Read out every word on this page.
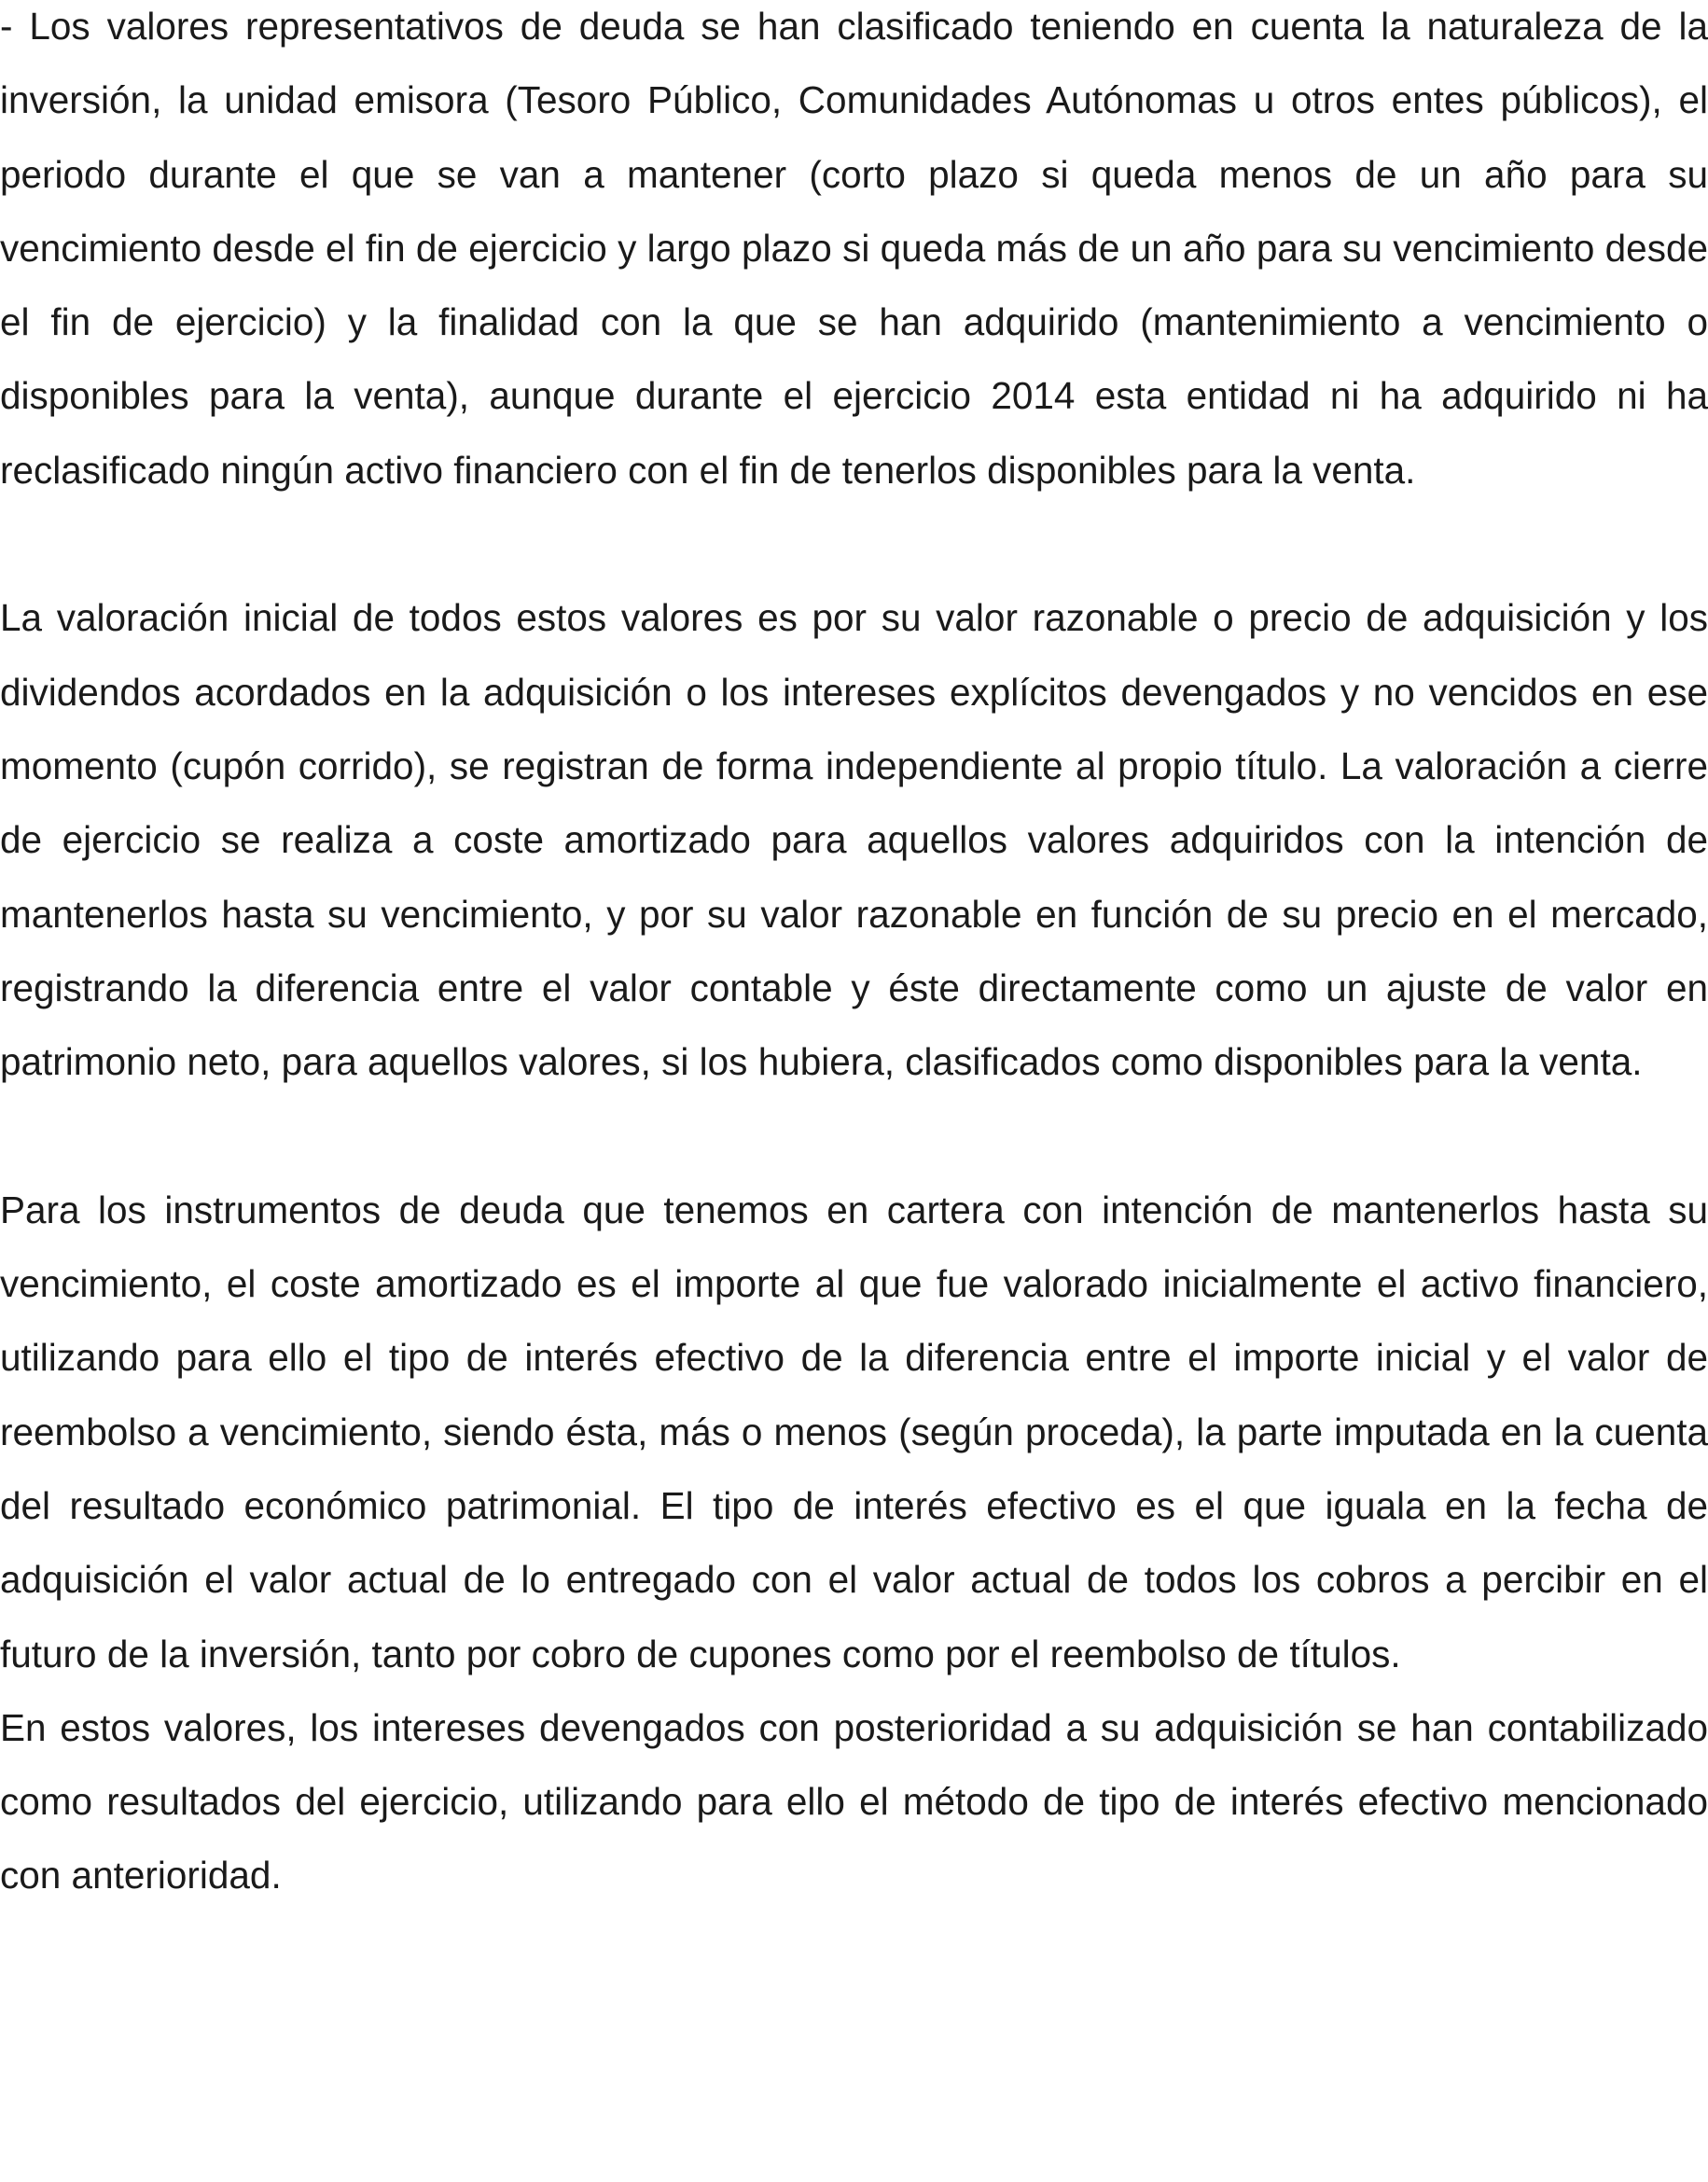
- Los valores representativos de deuda se han clasificado teniendo en cuenta la naturaleza de la inversión, la unidad emisora (Tesoro Público, Comunidades Autónomas u otros entes públicos), el periodo durante el que se van a mantener (corto plazo si queda menos de un año para su vencimiento desde el fin de ejercicio y largo plazo si queda más de un año para su vencimiento desde el fin de ejercicio) y la finalidad con la que se han adquirido (mantenimiento a vencimiento o disponibles para la venta), aunque durante el ejercicio 2014 esta entidad ni ha adquirido ni ha reclasificado ningún activo financiero con el fin de tenerlos disponibles para la venta.

La valoración inicial de todos estos valores es por su valor razonable o precio de adquisición y los dividendos acordados en la adquisición o los intereses explícitos devengados y no vencidos en ese momento (cupón corrido), se registran de forma independiente al propio título. La valoración a cierre de ejercicio se realiza a coste amortizado para aquellos valores adquiridos con la intención de mantenerlos hasta su vencimiento, y por su valor razonable en función de su precio en el mercado, registrando la diferencia entre el valor contable y éste directamente como un ajuste de valor en patrimonio neto, para aquellos valores, si los hubiera, clasificados como disponibles para la venta.

Para los instrumentos de deuda que tenemos en cartera con intención de mantenerlos hasta su vencimiento, el coste amortizado es el importe al que fue valorado inicialmente el activo financiero, utilizando para ello el tipo de interés efectivo de la diferencia entre el importe inicial y el valor de reembolso a vencimiento, siendo ésta, más o menos (según proceda), la parte imputada en la cuenta del resultado económico patrimonial. El tipo de interés efectivo es el que iguala en la fecha de adquisición el valor actual de lo entregado con el valor actual de todos los cobros a percibir en el futuro de la inversión, tanto por cobro de cupones como por el reembolso de títulos.

En estos valores, los intereses devengados con posterioridad a su adquisición se han contabilizado como resultados del ejercicio, utilizando para ello el método de tipo de interés efectivo mencionado con anterioridad.
